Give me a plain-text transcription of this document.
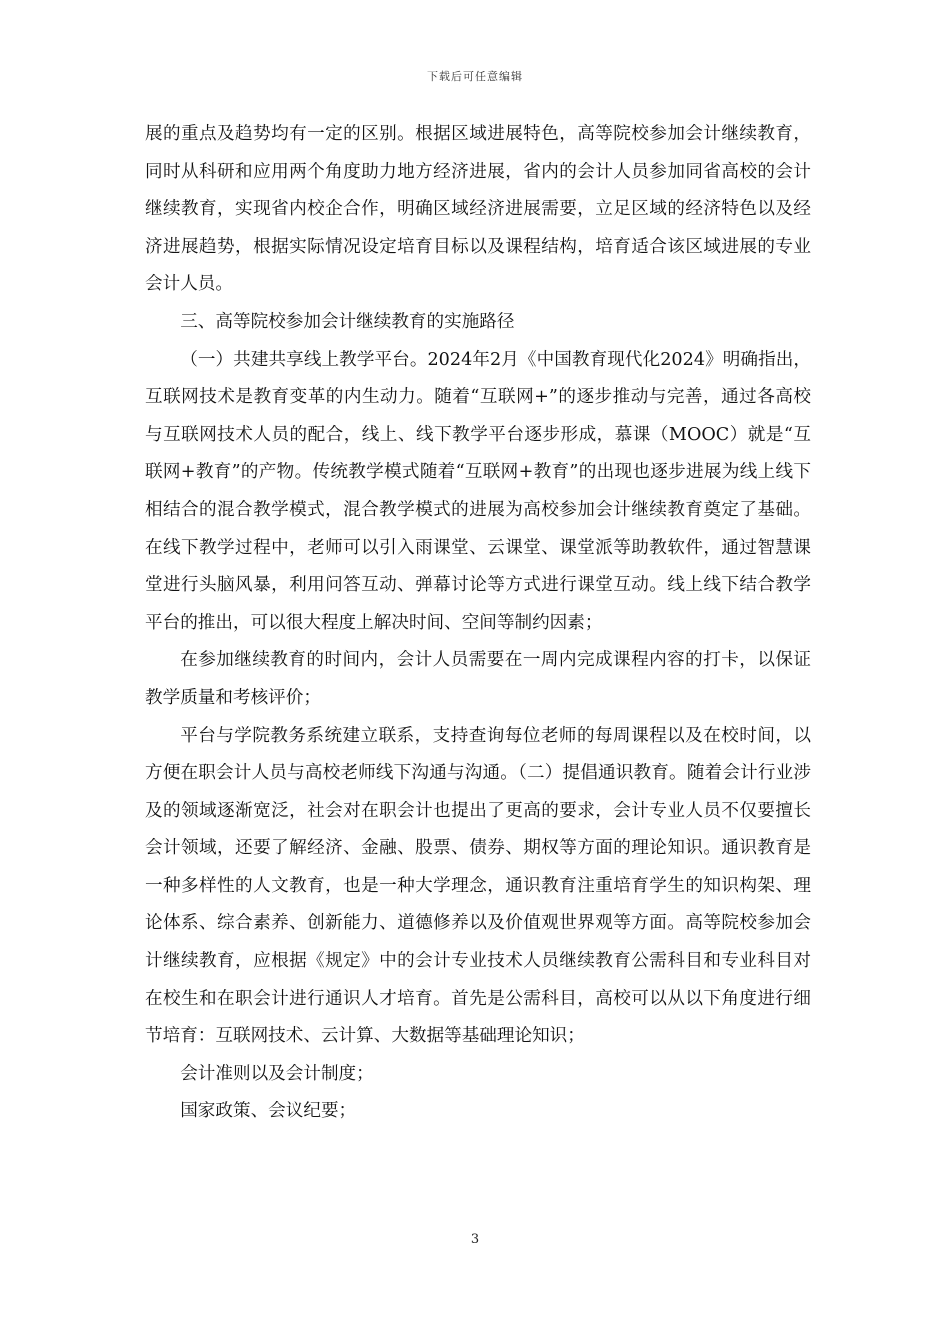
下载后可任意编辑

展的重点及趋势均有一定的区别。根据区域进展特色，高等院校参加会计继续教育，同时从科研和应用两个角度助力地方经济进展，省内的会计人员参加同省高校的会计继续教育，实现省内校企合作，明确区域经济进展需要，立足区域的经济特色以及经济进展趋势，根据实际情况设定培育目标以及课程结构，培育适合该区域进展的专业会计人员。

三、高等院校参加会计继续教育的实施路径

（一）共建共享线上教学平台。2024年2月《中国教育现代化2024》明确指出，互联网技术是教育变革的内生动力。随着“互联网+”的逐步推动与完善，通过各高校与互联网技术人员的配合，线上、线下教学平台逐步形成，慕课（MOOC）就是“互联网+教育”的产物。传统教学模式随着“互联网+教育”的出现也逐步进展为线上线下相结合的混合教学模式，混合教学模式的进展为高校参加会计继续教育奠定了基础。在线下教学过程中，老师可以引入雨课堂、云课堂、课堂派等助教软件，通过智慧课堂进行头脑风暴，利用问答互动、弹幕讨论等方式进行课堂互动。线上线下结合教学平台的推出，可以很大程度上解决时间、空间等制约因素；

在参加继续教育的时间内，会计人员需要在一周内完成课程内容的打卡，以保证教学质量和考核评价；

平台与学院教务系统建立联系，支持查询每位老师的每周课程以及在校时间，以方便在职会计人员与高校老师线下沟通与沟通。（二）提倡通识教育。随着会计行业涉及的领域逐渐宽泛，社会对在职会计也提出了更高的要求，会计专业人员不仅要擅长会计领域，还要了解经济、金融、股票、债券、期权等方面的理论知识。通识教育是一种多样性的人文教育，也是一种大学理念，通识教育注重培育学生的知识构架、理论体系、综合素养、创新能力、道德修养以及价值观世界观等方面。高等院校参加会计继续教育，应根据《规定》中的会计专业技术人员继续教育公需科目和专业科目对在校生和在职会计进行通识人才培育。首先是公需科目，高校可以从以下角度进行细节培育：互联网技术、云计算、大数据等基础理论知识；

会计准则以及会计制度；

国家政策、会议纪要；

3
